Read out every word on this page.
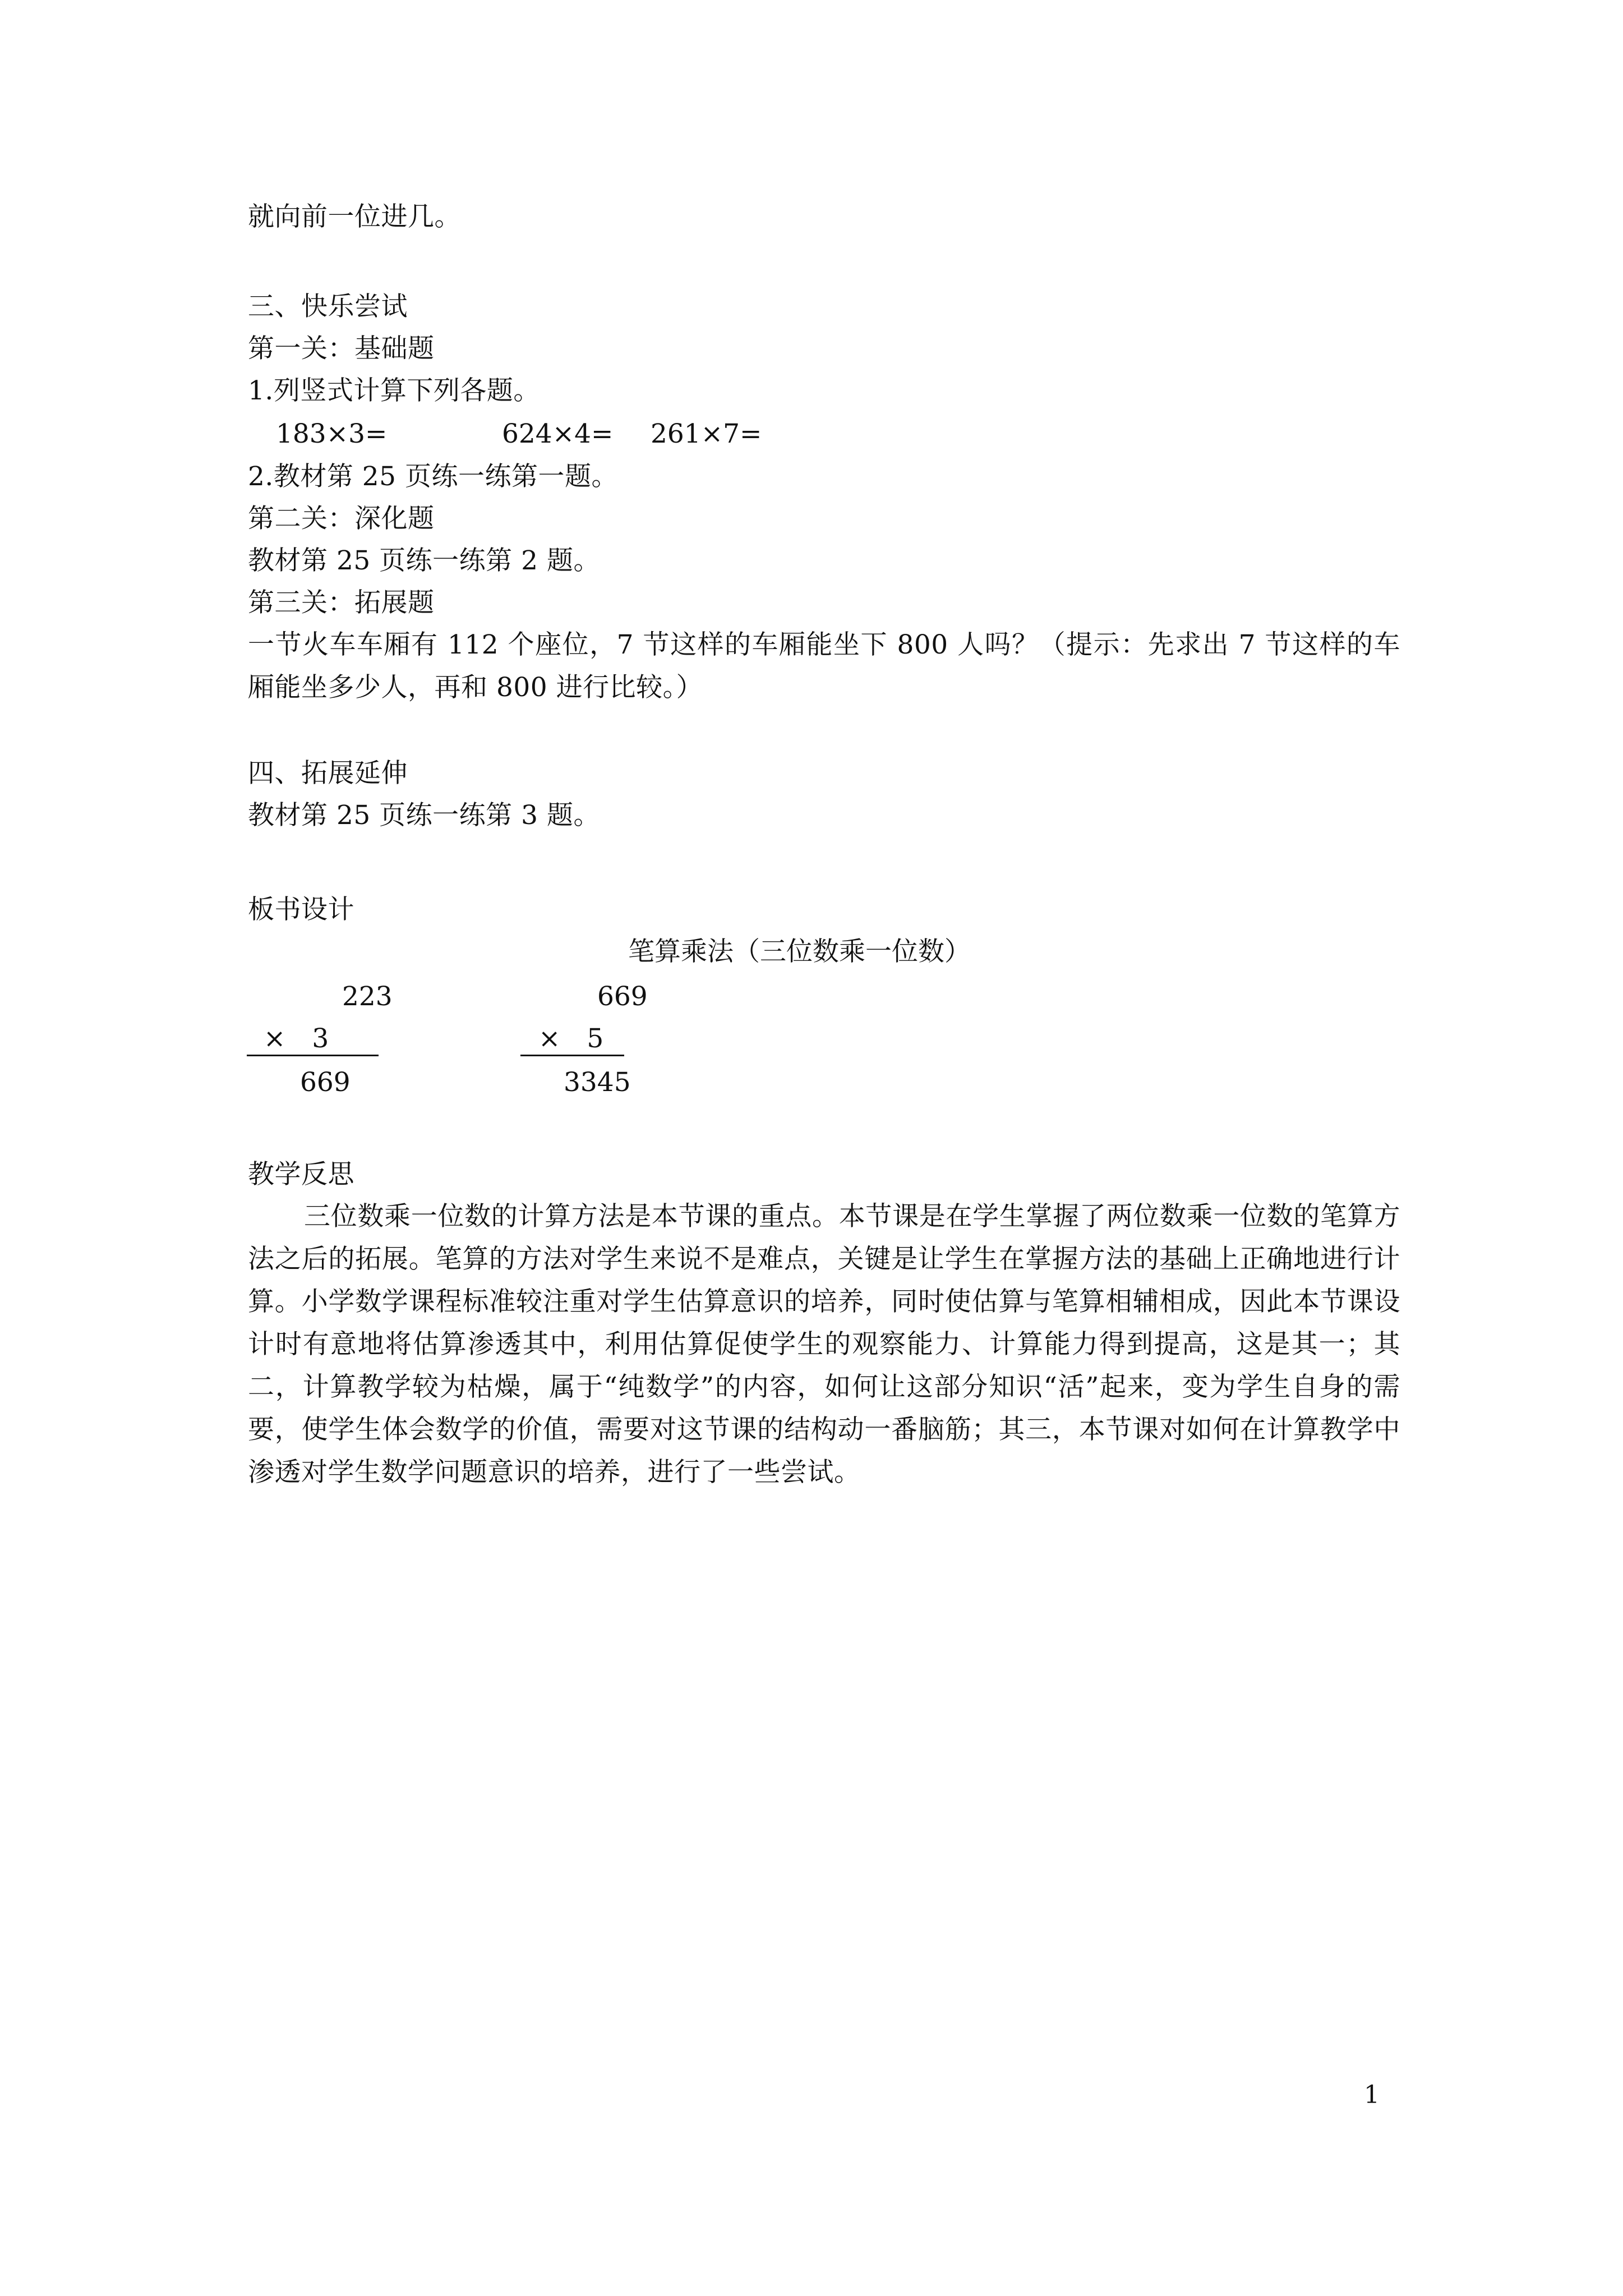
就向前一位进几。
三、快乐尝试
第一关：基础题
1.列竖式计算下列各题。
183×3=	624×4= 261×7=
2.教材第 25 页练一练第一题。
第二关：深化题
教材第 25 页练一练第 2 题。
第三关：拓展题
一节火车车厢有 112 个座位，7 节这样的车厢能坐下 800 人吗？（提示：先求出 7 节这样的车厢能坐多少人，再和 800 进行比较。）
四、拓展延伸
教材第 25 页练一练第 3 题。
板书设计
笔算乘法（三位数乘一位数）
223
×　3
669
669
×　5
3345
教学反思
三位数乘一位数的计算方法是本节课的重点。本节课是在学生掌握了两位数乘一位数的笔算方法之后的拓展。笔算的方法对学生来说不是难点，关键是让学生在掌握方法的基础上正确地进行计算。小学数学课程标准较注重对学生估算意识的培养，同时使估算与笔算相辅相成，因此本节课设计时有意地将估算渗透其中，利用估算促使学生的观察能力、计算能力得到提高，这是其一；其二，计算教学较为枯燥，属于“纯数学”的内容，如何让这部分知识“活”起来，变为学生自身的需要，使学生体会数学的价值，需要对这节课的结构动一番脑筋；其三，本节课对如何在计算教学中渗透对学生数学问题意识的培养，进行了一些尝试。
1
